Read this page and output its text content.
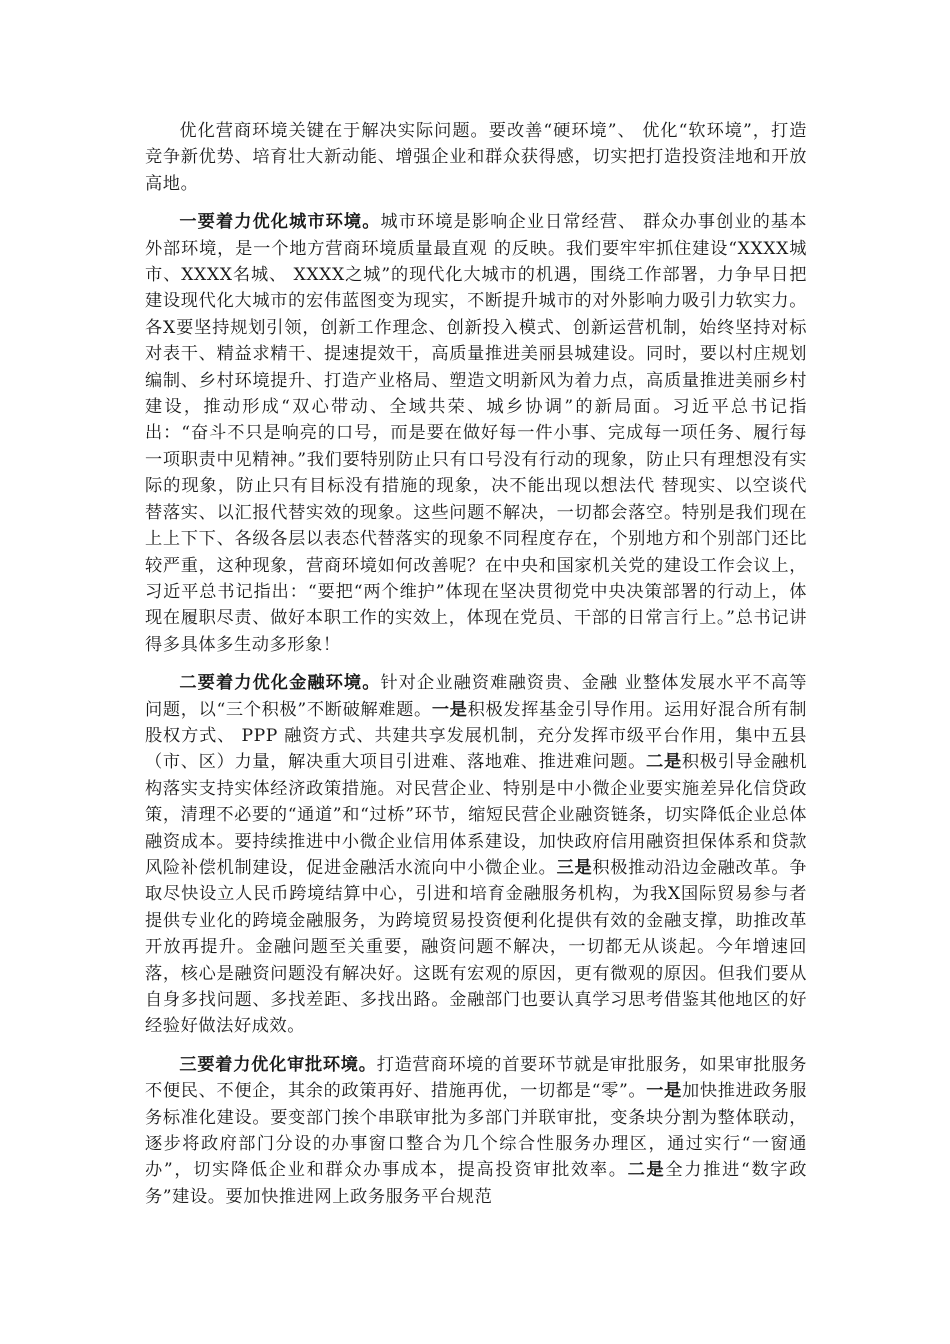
优化营商环境关键在于解决实际问题。要改善“硬环境”、 优化“软环境”，打造竞争新优势、培育壮大新动能、增强企业和群众获得感，切实把打造投资洼地和开放高地。

一要着力优化城市环境。城市环境是影响企业日常经营、 群众办事创业的基本外部环境，是一个地方营商环境质量最直观 的反映。我们要牢牢抓住建设“XXXX城市、XXXX名城、 XXXX之城”的现代化大城市的机遇，围绕工作部署，力争早日把建设现代化大城市的宏伟蓝图变为现实，不断提升城市的对外影响力吸引力软实力。各X要坚持规划引领，创新工作理念、创新投入模式、创新运营机制，始终坚持对标对表干、精益求精干、提速提效干，高质量推进美丽县城建设。同时，要以村庄规划编制、乡村环境提升、打造产业格局、塑造文明新风为着力点，高质量推进美丽乡村建设，推动形成“双心带动、全域共荣、城乡协调”的新局面。习近平总书记指出：“奋斗不只是响亮的口号，而是要在做好每一件小事、完成每一项任务、履行每一项职责中见精神。”我们要特别防止只有口号没有行动的现象，防止只有理想没有实际的现象，防止只有目标没有措施的现象，决不能出现以想法代 替现实、以空谈代替落实、以汇报代替实效的现象。这些问题不解决，一切都会落空。特别是我们现在上上下下、各级各层以表态代替落实的现象不同程度存在，个别地方和个别部门还比较严重，这种现象，营商环境如何改善呢？在中央和国家机关党的建设工作会议上，习近平总书记指出：“要把“两个维护”体现在坚决贯彻党中央决策部署的行动上，体现在履职尽责、做好本职工作的实效上，体现在党员、干部的日常言行上。”总书记讲得多具体多生动多形象！

二要着力优化金融环境。针对企业融资难融资贵、金融 业整体发展水平不高等问题，以“三个积极”不断破解难题。一是积极发挥基金引导作用。运用好混合所有制股权方式、 PPP 融资方式、共建共享发展机制，充分发挥市级平台作用，集中五县（市、区）力量，解决重大项目引进难、落地难、推进难问题。二是积极引导金融机构落实支持实体经济政策措施。对民营企业、特别是中小微企业要实施差异化信贷政策，清理不必要的“通道”和“过桥”环节，缩短民营企业融资链条，切实降低企业总体融资成本。要持续推进中小微企业信用体系建设，加快政府信用融资担保体系和贷款风险补偿机制建设，促进金融活水流向中小微企业。三是积极推动沿边金融改革。争取尽快设立人民币跨境结算中心，引进和培育金融服务机构，为我X国际贸易参与者提供专业化的跨境金融服务，为跨境贸易投资便利化提供有效的金融支撑，助推改革开放再提升。金融问题至关重要，融资问题不解决，一切都无从谈起。今年增速回落，核心是融资问题没有解决好。这既有宏观的原因，更有微观的原因。但我们要从自身多找问题、多找差距、多找出路。金融部门也要认真学习思考借鉴其他地区的好经验好做法好成效。

三要着力优化审批环境。打造营商环境的首要环节就是审批服务，如果审批服务不便民、不便企，其余的政策再好、措施再优，一切都是“零”。一是加快推进政务服务标准化建设。要变部门挨个串联审批为多部门并联审批，变条块分割为整体联动，逐步将政府部门分设的办事窗口整合为几个综合性服务办理区，通过实行“一窗通办”，切实降低企业和群众办事成本，提高投资审批效率。二是全力推进“数字政务”建设。要加快推进网上政务服务平台规范
